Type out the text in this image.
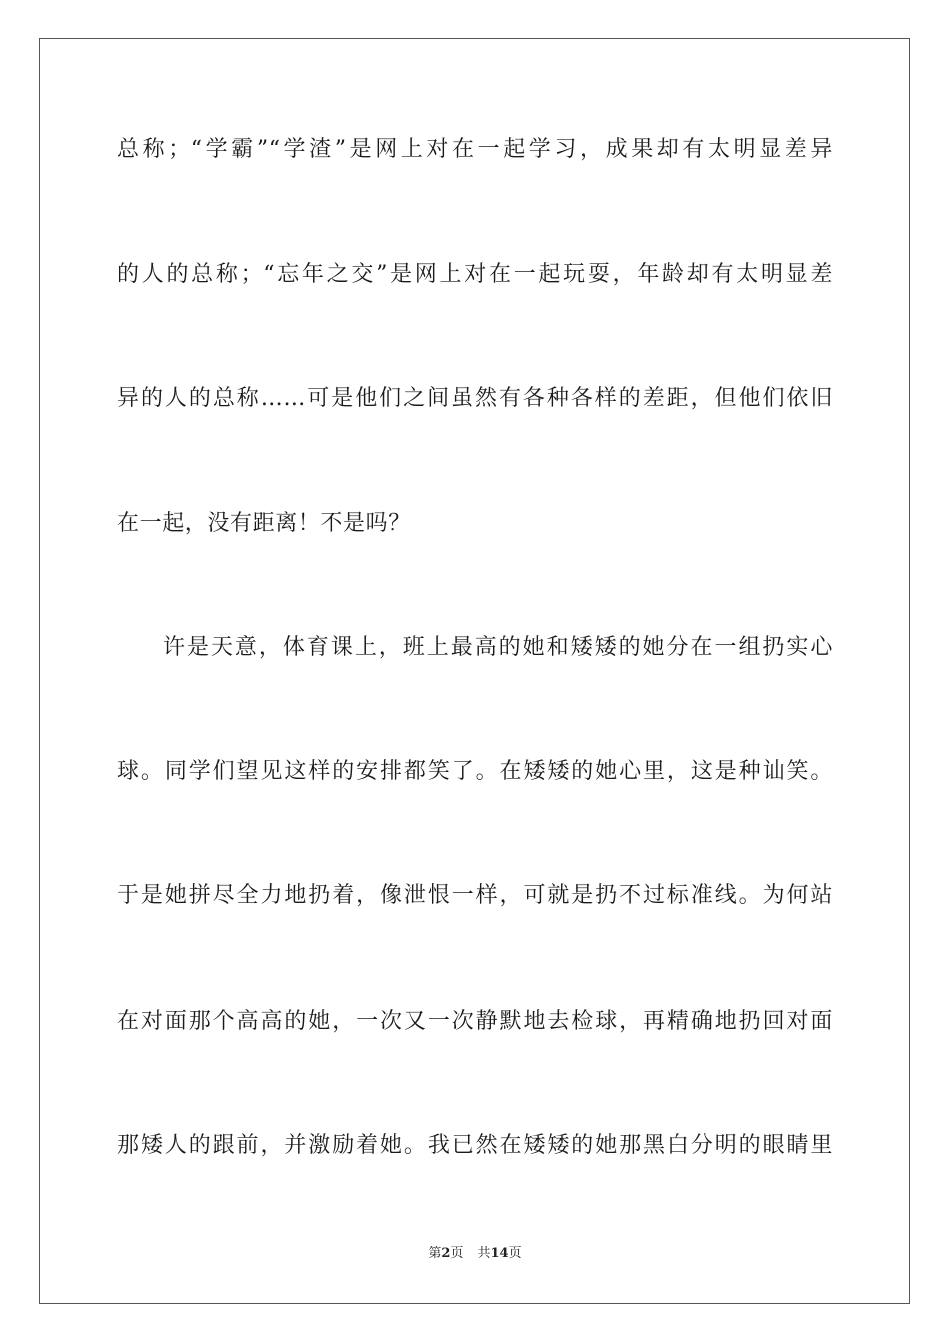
总称；“学霸”“学渣”是网上对在一起学习，成果却有太明显差异
的人的总称；“忘年之交”是网上对在一起玩耍，年龄却有太明显差
异的人的总称……可是他们之间虽然有各种各样的差距，但他们依旧
在一起，没有距离！不是吗？
许是天意，体育课上，班上最高的她和矮矮的她分在一组扔实心
球。同学们望见这样的安排都笑了。在矮矮的她心里，这是种讪笑。
于是她拼尽全力地扔着，像泄恨一样，可就是扔不过标准线。为何站
在对面那个高高的她，一次又一次静默地去检球，再精确地扔回对面
那矮人的跟前，并激励着她。我已然在矮矮的她那黑白分明的眼睛里
第2页 共14页
